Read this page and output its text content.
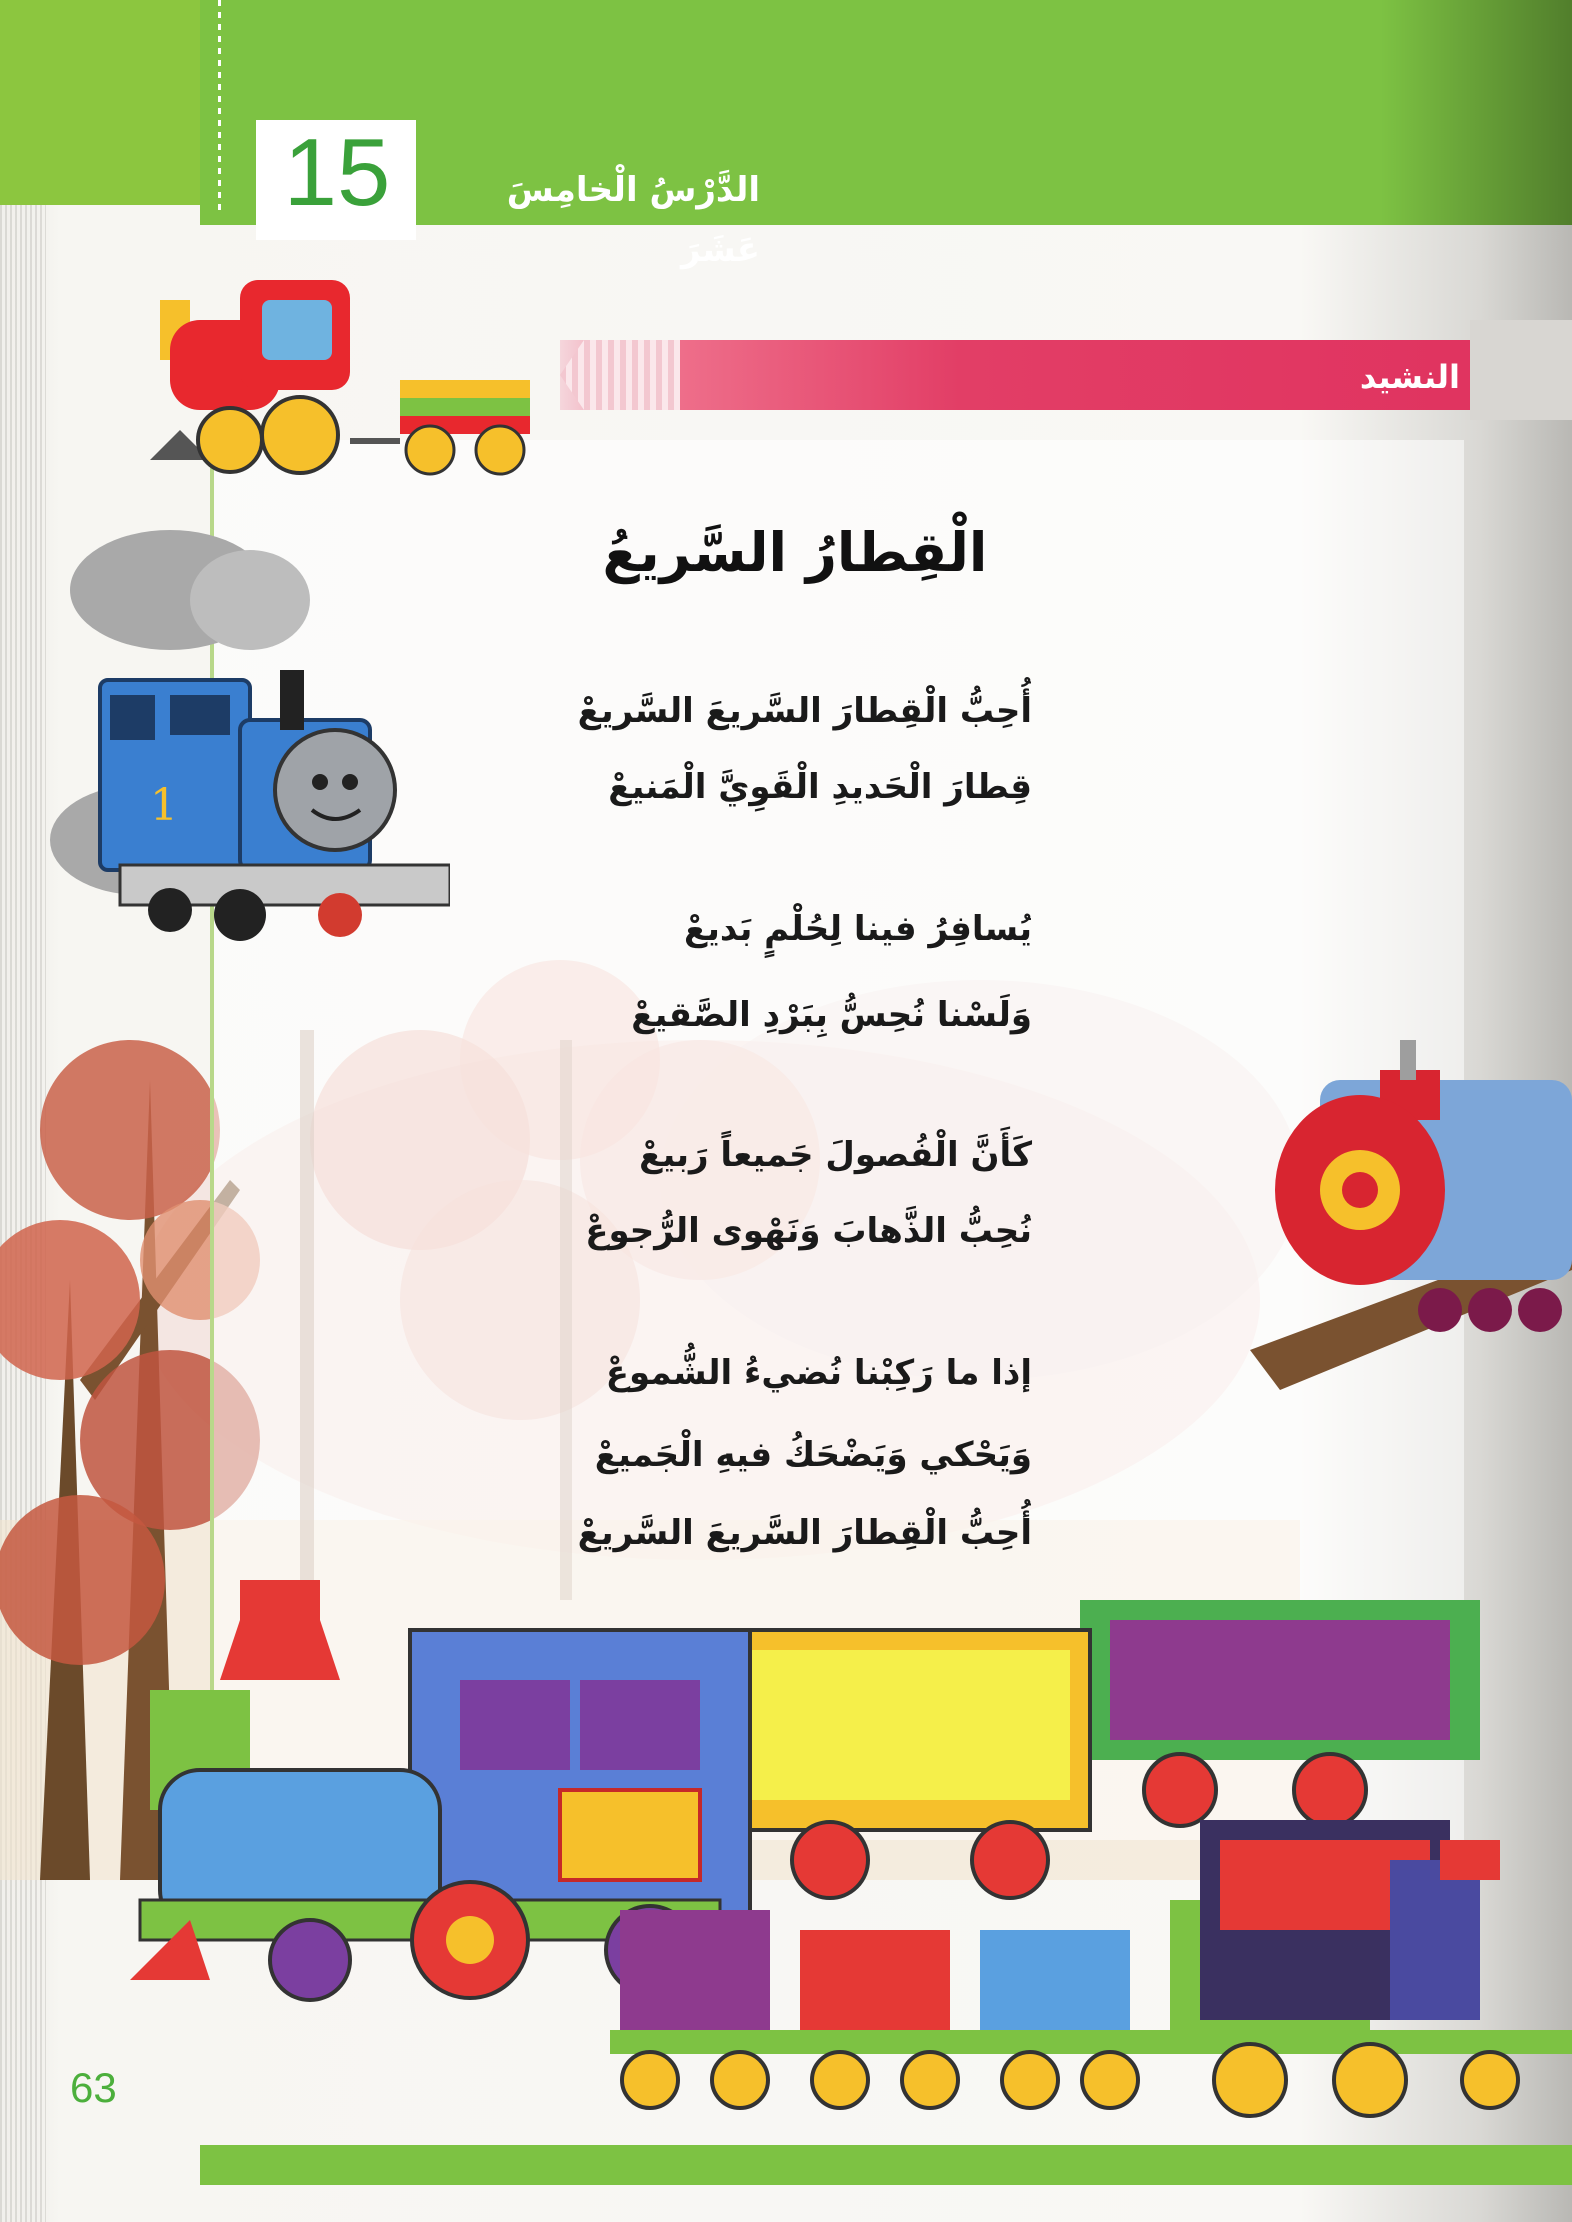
15	الدَّرْسُ الْخامِسَ عَشَرَ
النشيد
الْقِطارُ السَّريعُ
أُحِبُّ الْقِطارَ السَّريعَ السَّريعْ
قِطارَ الْحَديدِ الْقَوِيَّ الْمَنيعْ
يُسافِرُ فينا لِحُلْمٍ بَديعْ
وَلَسْنا نُحِسُّ بِبَرْدِ الصَّقيعْ
كَأَنَّ الْفُصولَ جَميعاً رَبيعْ
نُحِبُّ الذَّهابَ وَنَهْوى الرُّجوعْ
إذا ما رَكِبْنا نُضيءُ الشُّموعْ
وَيَحْكي وَيَضْحَكُ فيهِ الْجَميعْ
أُحِبُّ الْقِطارَ السَّريعَ السَّريعْ
1
63
